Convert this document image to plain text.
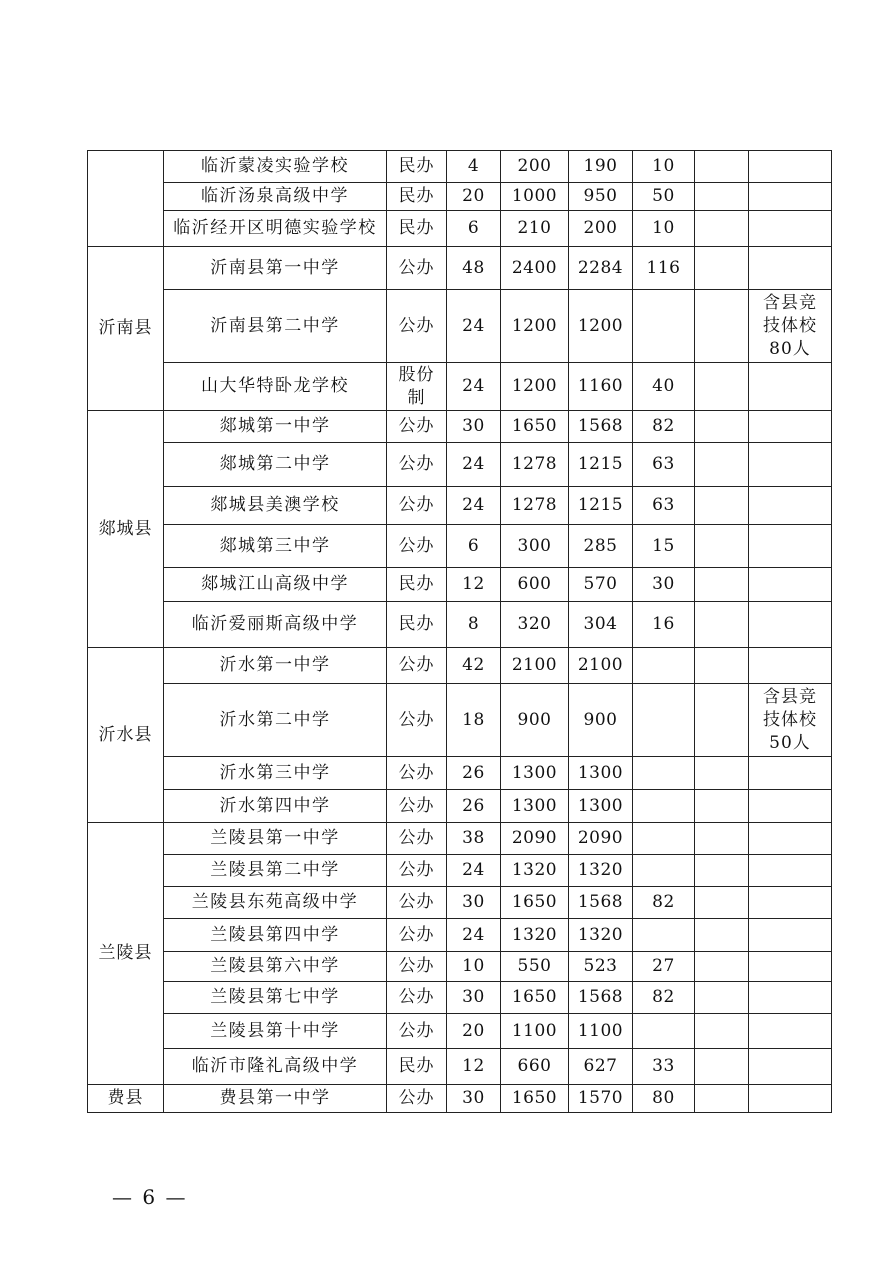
	临沂蒙凌实验学校	民办	4	200	190	10		
	临沂汤泉高级中学	民办	20	1000	950	50		
	临沂经开区明德实验学校	民办	6	210	200	10		
沂南县	沂南县第一中学	公办	48	2400	2284	116		
	沂南县第二中学	公办	24	1200	1200			含县竞
技体校
80人
	山大华特卧龙学校	股份
制	24	1200	1160	40		
郯城县	郯城第一中学	公办	30	1650	1568	82		
	郯城第二中学	公办	24	1278	1215	63		
	郯城县美澳学校	公办	24	1278	1215	63		
	郯城第三中学	公办	6	300	285	15		
	郯城江山高级中学	民办	12	600	570	30		
	临沂爱丽斯高级中学	民办	8	320	304	16		
沂水县	沂水第一中学	公办	42	2100	2100			
	沂水第二中学	公办	18	900	900			含县竞
技体校
50人
	沂水第三中学	公办	26	1300	1300			
	沂水第四中学	公办	26	1300	1300			
兰陵县	兰陵县第一中学	公办	38	2090	2090			
	兰陵县第二中学	公办	24	1320	1320			
	兰陵县东苑高级中学	公办	30	1650	1568	82		
	兰陵县第四中学	公办	24	1320	1320			
	兰陵县第六中学	公办	10	550	523	27		
	兰陵县第七中学	公办	30	1650	1568	82		
	兰陵县第十中学	公办	20	1100	1100			
	临沂市隆礼高级中学	民办	12	660	627	33		
费县	费县第一中学	公办	30	1650	1570	80		
— 6 —
